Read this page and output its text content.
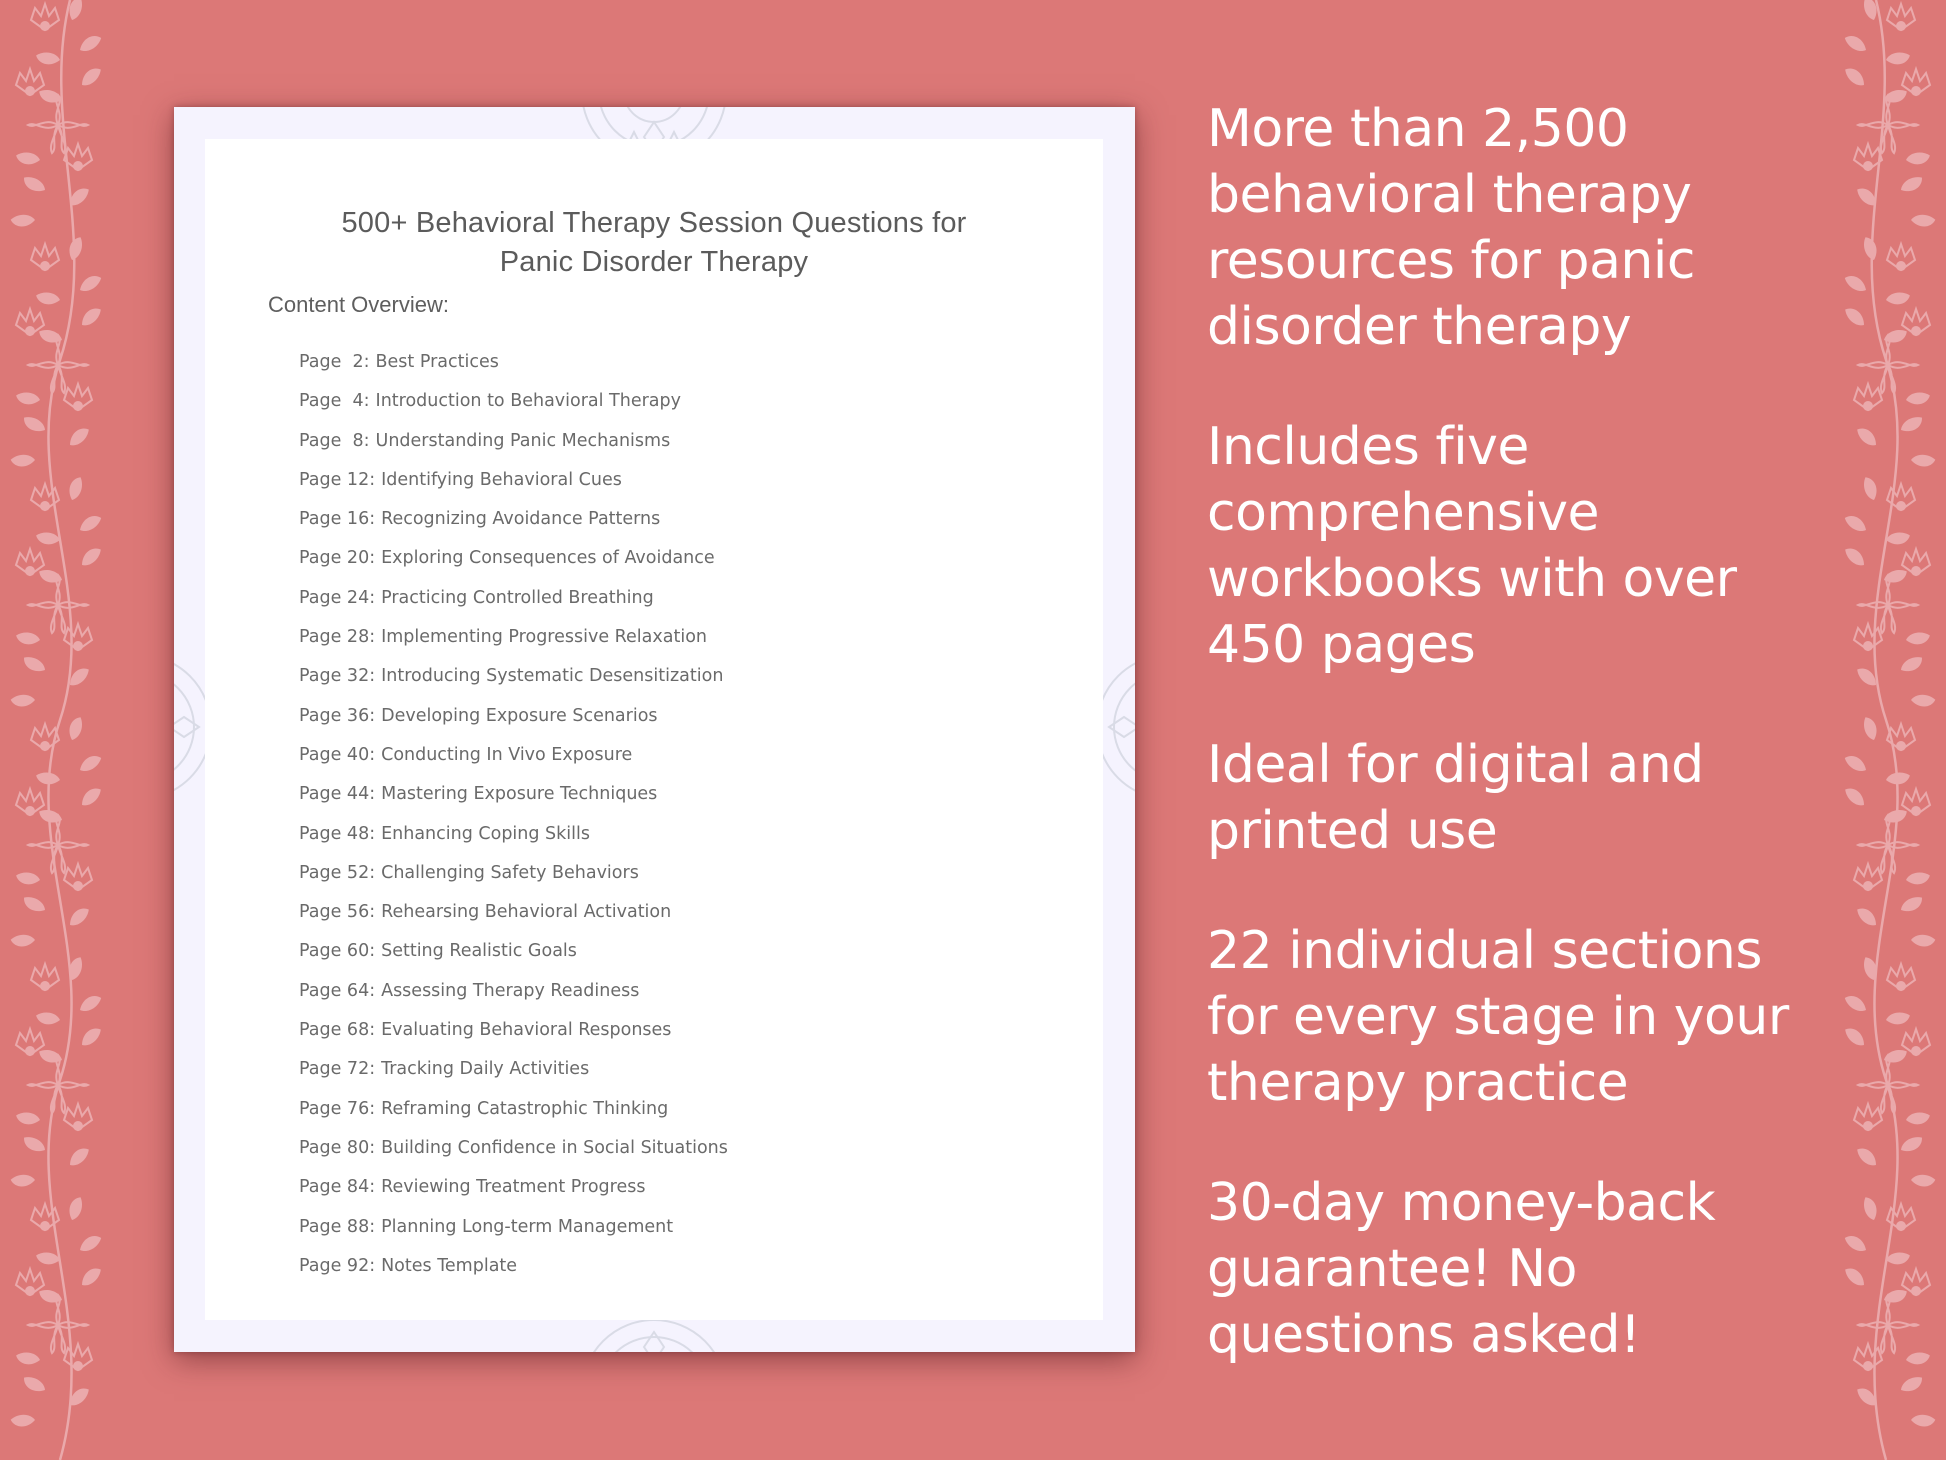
500+ Behavioral Therapy Session Questions for
Panic Disorder Therapy
Content Overview:
Page  2: Best Practices
Page  4: Introduction to Behavioral Therapy
Page  8: Understanding Panic Mechanisms
Page 12: Identifying Behavioral Cues
Page 16: Recognizing Avoidance Patterns
Page 20: Exploring Consequences of Avoidance
Page 24: Practicing Controlled Breathing
Page 28: Implementing Progressive Relaxation
Page 32: Introducing Systematic Desensitization
Page 36: Developing Exposure Scenarios
Page 40: Conducting In Vivo Exposure
Page 44: Mastering Exposure Techniques
Page 48: Enhancing Coping Skills
Page 52: Challenging Safety Behaviors
Page 56: Rehearsing Behavioral Activation
Page 60: Setting Realistic Goals
Page 64: Assessing Therapy Readiness
Page 68: Evaluating Behavioral Responses
Page 72: Tracking Daily Activities
Page 76: Reframing Catastrophic Thinking
Page 80: Building Confidence in Social Situations
Page 84: Reviewing Treatment Progress
Page 88: Planning Long-term Management
Page 92: Notes Template

More than 2,500
behavioral therapy
resources for panic
disorder therapy

Includes five
comprehensive
workbooks with over
450 pages

Ideal for digital and
printed use

22 individual sections
for every stage in your
therapy practice

30-day money-back
guarantee! No
questions asked!
